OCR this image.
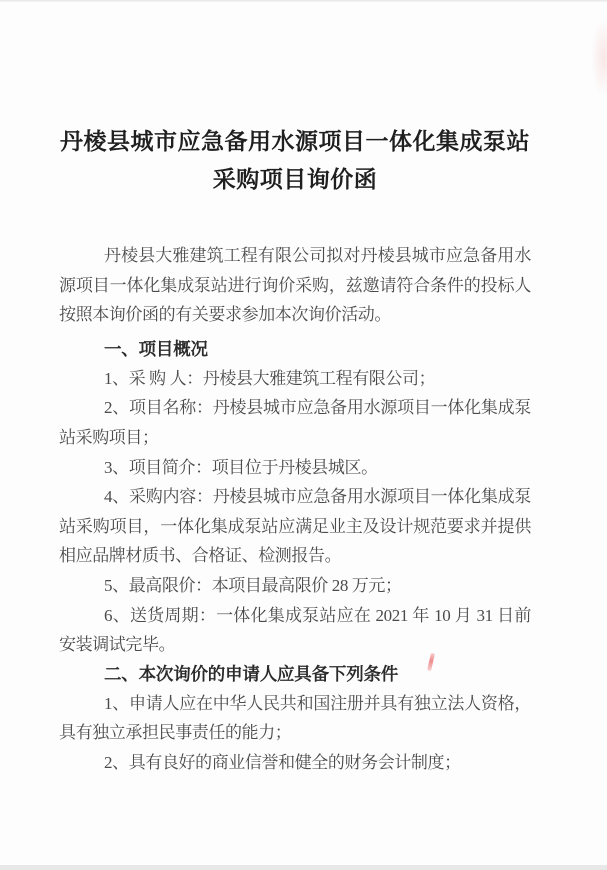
丹棱县城市应急备用水源项目一体化集成泵站
采购项目询价函

丹棱县大雅建筑工程有限公司拟对丹棱县城市应急备用水源项目一体化集成泵站进行询价采购，兹邀请符合条件的投标人按照本询价函的有关要求参加本次询价活动。

一、项目概况

1、采 购 人：丹棱县大雅建筑工程有限公司；

2、项目名称：丹棱县城市应急备用水源项目一体化集成泵站采购项目；

3、项目简介：项目位于丹棱县城区。

4、采购内容：丹棱县城市应急备用水源项目一体化集成泵站采购项目，一体化集成泵站应满足业主及设计规范要求并提供相应品牌材质书、合格证、检测报告。

5、最高限价：本项目最高限价 28 万元；

6、送货周期：一体化集成泵站应在 2021 年 10 月 31 日前安装调试完毕。

二、本次询价的申请人应具备下列条件

1、申请人应在中华人民共和国注册并具有独立法人资格，具有独立承担民事责任的能力；

2、具有良好的商业信誉和健全的财务会计制度；
